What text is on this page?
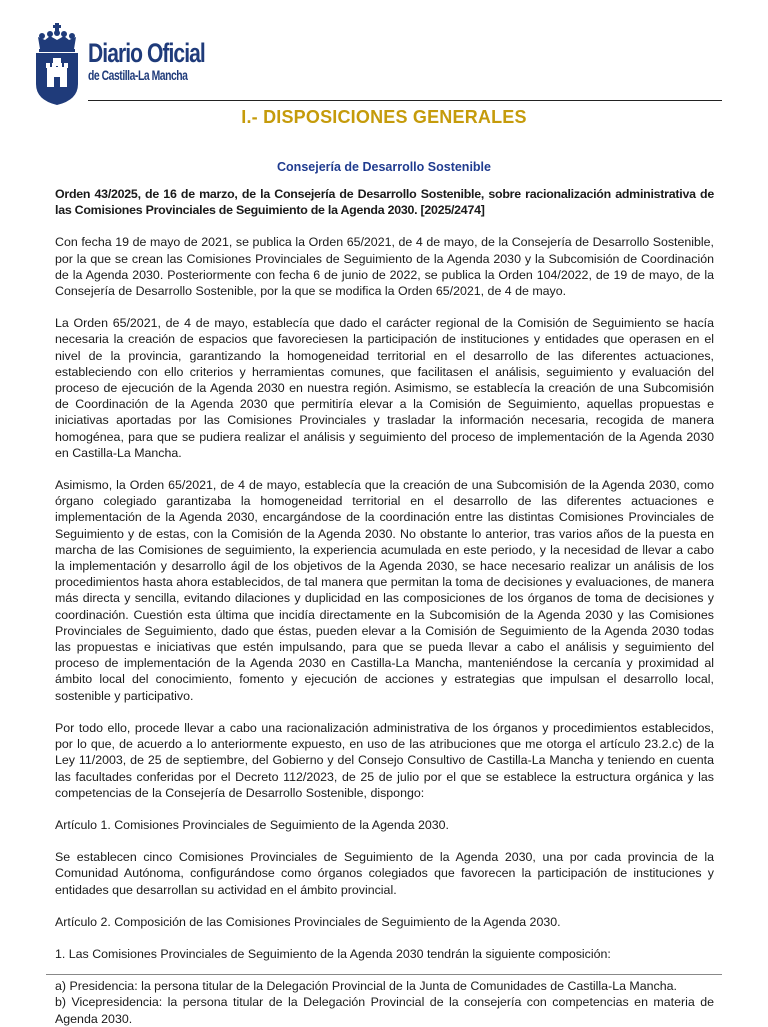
Diario Oficial
de Castilla-La Mancha
I.- DISPOSICIONES GENERALES
Consejería de Desarrollo Sostenible

Orden 43/2025, de 16 de marzo, de la Consejería de Desarrollo Sostenible, sobre racionalización administrativa de las Comisiones Provinciales de Seguimiento de la Agenda 2030. [2025/2474]

Con fecha 19 de mayo de 2021, se publica la Orden 65/2021, de 4 de mayo, de la Consejería de Desarrollo Sostenible, por la que se crean las Comisiones Provinciales de Seguimiento de la Agenda 2030 y la Subcomisión de Coordinación de la Agenda 2030. Posteriormente con fecha 6 de junio de 2022, se publica la Orden 104/2022, de 19 de mayo, de la Consejería de Desarrollo Sostenible, por la que se modifica la Orden 65/2021, de 4 de mayo.

La Orden 65/2021, de 4 de mayo, establecía que dado el carácter regional de la Comisión de Seguimiento se hacía necesaria la creación de espacios que favoreciesen la participación de instituciones y entidades que operasen en el nivel de la provincia, garantizando la homogeneidad territorial en el desarrollo de las diferentes actuaciones, estableciendo con ello criterios y herramientas comunes, que facilitasen el análisis, seguimiento y evaluación del proceso de ejecución de la Agenda 2030 en nuestra región. Asimismo, se establecía la creación de una Subcomisión de Coordinación de la Agenda 2030 que permitiría elevar a la Comisión de Seguimiento, aquellas propuestas e iniciativas aportadas por las Comisiones Provinciales y trasladar la información necesaria, recogida de manera homogénea, para que se pudiera realizar el análisis y seguimiento del proceso de implementación de la Agenda 2030 en Castilla-La Mancha.

Asimismo, la Orden 65/2021, de 4 de mayo, establecía que la creación de una Subcomisión de la Agenda 2030, como órgano colegiado garantizaba la homogeneidad territorial en el desarrollo de las diferentes actuaciones e implementación de la Agenda 2030, encargándose de la coordinación entre las distintas Comisiones Provinciales de Seguimiento y de estas, con la Comisión de la Agenda 2030. No obstante lo anterior, tras varios años de la puesta en marcha de las Comisiones de seguimiento, la experiencia acumulada en este periodo, y la necesidad de llevar a cabo la implementación y desarrollo ágil de los objetivos de la Agenda 2030, se hace necesario realizar un análisis de los procedimientos hasta ahora establecidos, de tal manera que permitan la toma de decisiones y evaluaciones, de manera más directa y sencilla, evitando dilaciones y duplicidad en las composiciones de los órganos de toma de decisiones y coordinación. Cuestión esta última que incidía directamente en la Subcomisión de la Agenda 2030 y las Comisiones Provinciales de Seguimiento, dado que éstas, pueden elevar a la Comisión de Seguimiento de la Agenda 2030 todas las propuestas e iniciativas que estén impulsando, para que se pueda llevar a cabo el análisis y seguimiento del proceso de implementación de la Agenda 2030 en Castilla-La Mancha, manteniéndose la cercanía y proximidad al ámbito local del conocimiento, fomento y ejecución de acciones y estrategias que impulsan el desarrollo local, sostenible y participativo.

Por todo ello, procede llevar a cabo una racionalización administrativa de los órganos y procedimientos establecidos, por lo que, de acuerdo a lo anteriormente expuesto, en uso de las atribuciones que me otorga el artículo 23.2.c) de la Ley 11/2003, de 25 de septiembre, del Gobierno y del Consejo Consultivo de Castilla-La Mancha y teniendo en cuenta las facultades conferidas por el Decreto 112/2023, de 25 de julio por el que se establece la estructura orgánica y las competencias de la Consejería de Desarrollo Sostenible, dispongo:

Artículo 1. Comisiones Provinciales de Seguimiento de la Agenda 2030.

Se establecen cinco Comisiones Provinciales de Seguimiento de la Agenda 2030, una por cada provincia de la Comunidad Autónoma, configurándose como órganos colegiados que favorecen la participación de instituciones y entidades que desarrollan su actividad en el ámbito provincial.

Artículo 2. Composición de las Comisiones Provinciales de Seguimiento de la Agenda 2030.

1. Las Comisiones Provinciales de Seguimiento de la Agenda 2030 tendrán la siguiente composición:

a) Presidencia: la persona titular de la Delegación Provincial de la Junta de Comunidades de Castilla-La Mancha.

b) Vicepresidencia: la persona titular de la Delegación Provincial de la consejería con competencias en materia de Agenda 2030.
